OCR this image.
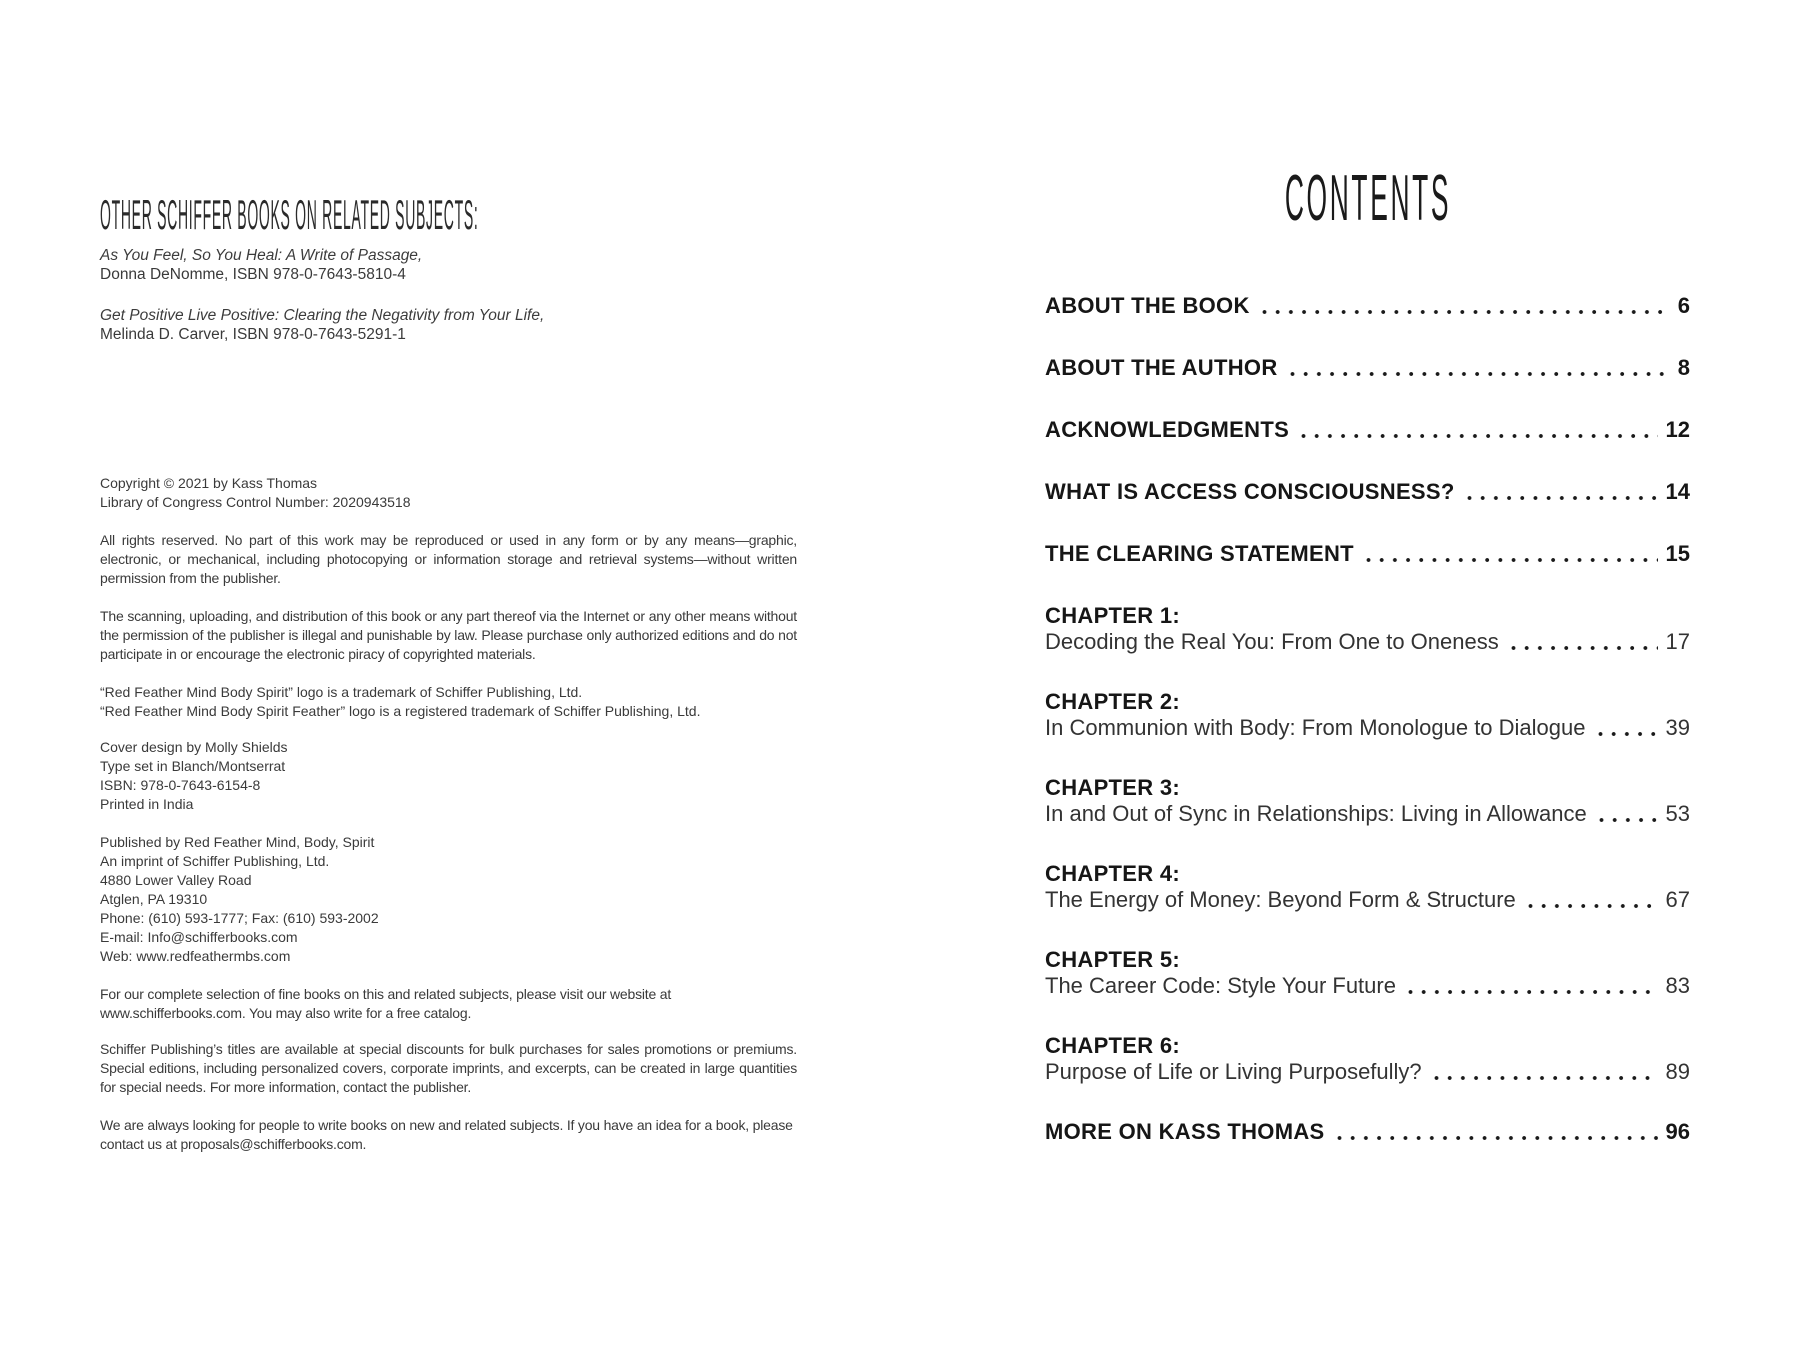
OTHER SCHIFFER BOOKS ON RELATED SUBJECTS:
As You Feel, So You Heal: A Write of Passage,
Donna DeNomme, ISBN 978-0-7643-5810-4
Get Positive Live Positive: Clearing the Negativity from Your Life,
Melinda D. Carver, ISBN 978-0-7643-5291-1
Copyright © 2021 by Kass Thomas
Library of Congress Control Number: 2020943518

All rights reserved. No part of this work may be reproduced or used in any form or by any means—graphic, electronic, or mechanical, including photocopying or information storage and retrieval systems—without written permission from the publisher.

The scanning, uploading, and distribution of this book or any part thereof via the Internet or any other means without the permission of the publisher is illegal and punishable by law. Please purchase only authorized editions and do not participate in or encourage the electronic piracy of copyrighted materials.

“Red Feather Mind Body Spirit” logo is a trademark of Schiffer Publishing, Ltd.
“Red Feather Mind Body Spirit Feather” logo is a registered trademark of Schiffer Publishing, Ltd.
Cover design by Molly Shields
Type set in Blanch/Montserrat
ISBN: 978-0-7643-6154-8
Printed in India
Published by Red Feather Mind, Body, Spirit
An imprint of Schiffer Publishing, Ltd.
4880 Lower Valley Road
Atglen, PA 19310
Phone: (610) 593-1777; Fax: (610) 593-2002
E-mail: Info@schifferbooks.com
Web: www.redfeathermbs.com

For our complete selection of fine books on this and related subjects, please visit our website at www.schifferbooks.com. You may also write for a free catalog.

Schiffer Publishing’s titles are available at special discounts for bulk purchases for sales promotions or premiums. Special editions, including personalized covers, corporate imprints, and excerpts, can be created in large quantities for special needs. For more information, contact the publisher.

We are always looking for people to write books on new and related subjects. If you have an idea for a book, please contact us at proposals@schifferbooks.com.

CONTENTS
ABOUT THE BOOK	6
ABOUT THE AUTHOR	8
ACKNOWLEDGMENTS	12
WHAT IS ACCESS CONSCIOUSNESS?	14
THE CLEARING STATEMENT	15
CHAPTER 1:
Decoding the Real You: From One to Oneness	17
CHAPTER 2:
In Communion with Body: From Monologue to Dialogue	39
CHAPTER 3:
In and Out of Sync in Relationships: Living in Allowance	53
CHAPTER 4:
The Energy of Money: Beyond Form & Structure	67
CHAPTER 5:
The Career Code: Style Your Future	83
CHAPTER 6:
Purpose of Life or Living Purposefully?	89
MORE ON KASS THOMAS	96
